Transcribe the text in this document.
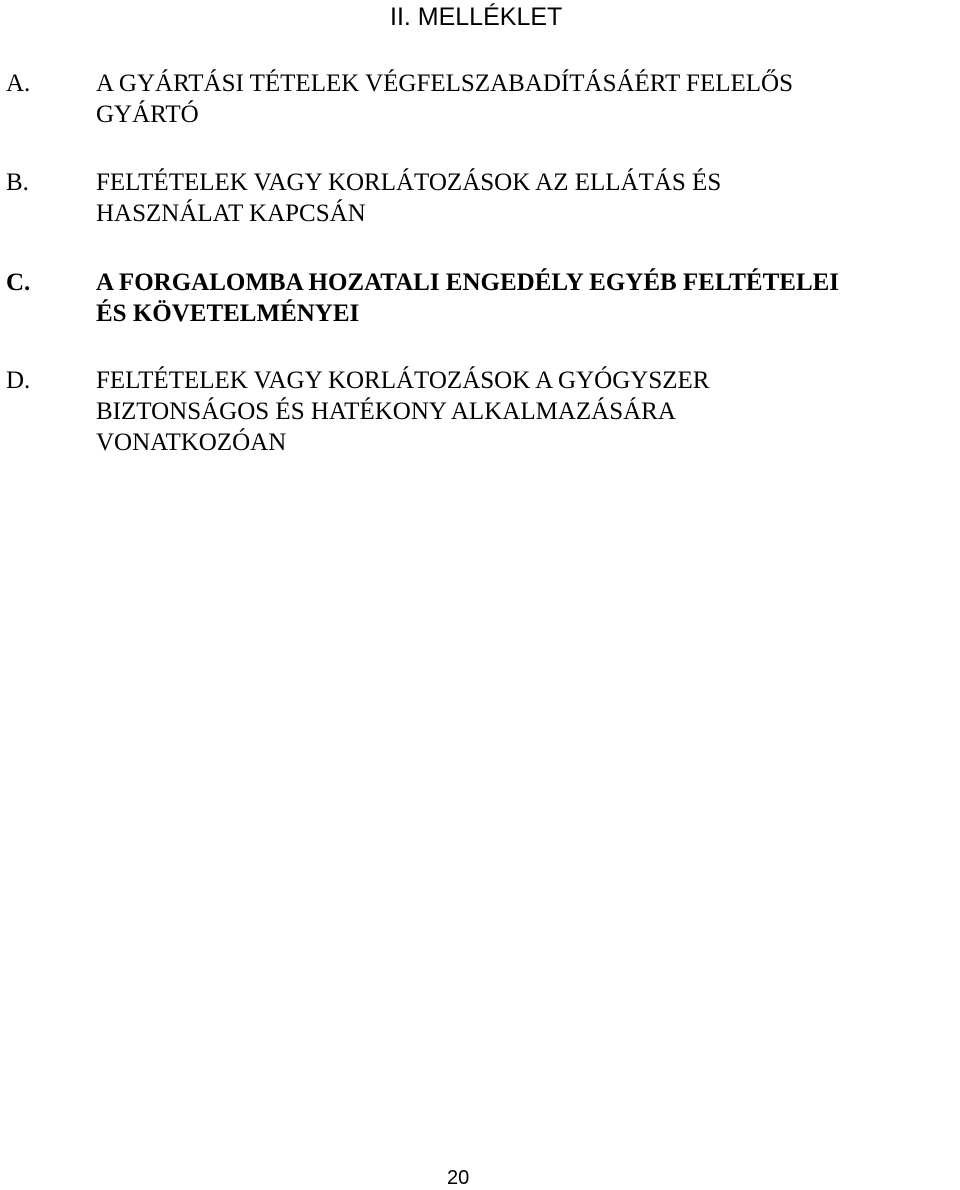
II. MELLÉKLET
A.	A GYÁRTÁSI TÉTELEK VÉGFELSZABADÍTÁSÁÉRT FELELŐS
GYÁRTÓ
B.	FELTÉTELEK VAGY KORLÁTOZÁSOK AZ ELLÁTÁS ÉS
HASZNÁLAT KAPCSÁN
C.	A FORGALOMBA HOZATALI ENGEDÉLY EGYÉB FELTÉTELEI
ÉS KÖVETELMÉNYEI
D.	FELTÉTELEK VAGY KORLÁTOZÁSOK A GYÓGYSZER
BIZTONSÁGOS ÉS HATÉKONY ALKALMAZÁSÁRA
VONATKOZÓAN
20
